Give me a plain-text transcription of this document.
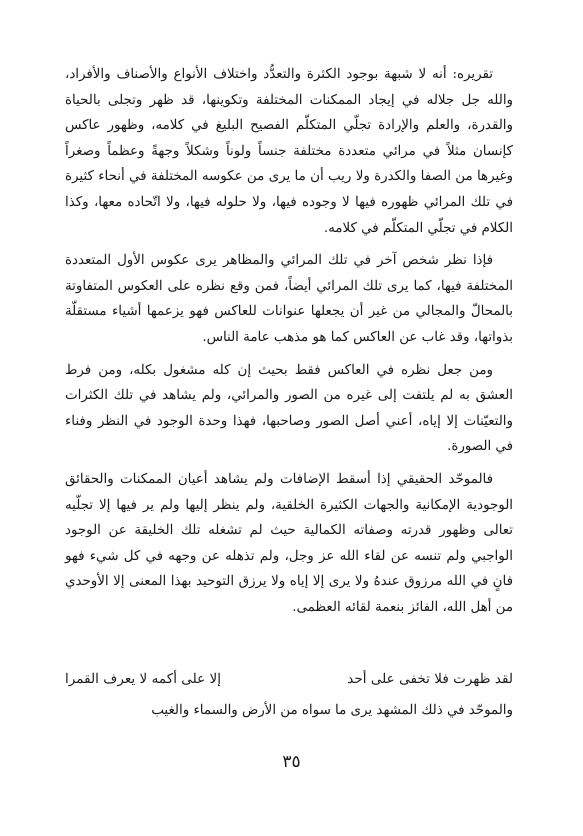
تقريره: أنه لا شبهة بوجود الكثرة والتعدُّد واختلاف الأنواع والأصناف والأفراد، والله جل جلاله في إيجاد الممكنات المختلفة وتكوينها، قد ظهر وتجلى بالحياة والقدرة، والعلم والإرادة تجلّي المتكلّم الفصيح البليغ في كلامه، وظهور عاكس كإنسان مثلاً في مرائي متعددة مختلفة جنساً ولوناً وشكلاً وجهةً وعظماً وصغراً وغيرها من الصفا والكدرة ولا ريب أن ما يرى من عكوسه المختلفة في أنحاء كثيرة في تلك المرائي ظهوره فيها لا وجوده فيها، ولا حلوله فيها، ولا اتّحاده معها، وكذا الكلام في تجلّي المتكلّم في كلامه.

فإذا نظر شخص آخر في تلك المرائي والمظاهر يرى عكوس الأول المتعددة المختلفة فيها، كما يرى تلك المرائي أيضاً، فمن وقع نظره على العكوس المتفاوتة بالمحالّ والمجالي من غير أن يجعلها عنوانات للعاكس فهو يزعمها أشياء مستقلّة بذواتها، وقد غاب عن العاكس كما هو مذهب عامة الناس.

ومن جعل نظره في العاكس فقط بحيث إن كله مشغول بكله، ومن فرط العشق به لم يلتفت إلى غيره من الصور والمرائي، ولم يشاهد في تلك الكثرات والتعيّنات إلا إياه، أعني أصل الصور وصاحبها، فهذا وحدة الوجود في النظر وفناء في الصورة.

فالموحّد الحقيقي إذا أسقط الإضافات ولم يشاهد أعيان الممكنات والحقائق الوجودية الإمكانية والجهات الكثيرة الخلقية، ولم ينظر إليها ولم ير فيها إلا تجلّيه تعالى وظهور قدرته وصفاته الكمالية حيث لم تشغله تلك الخليقة عن الوجود الواجبي ولم تنسه عن لقاء الله عز وجل، ولم تذهله عن وجهه في كل شيء فهو فانٍ في الله مرزوق عندهُ ولا يرى إلا إياه ولا يرزق التوحيد بهذا المعنى إلا الأوحدي من أهل الله، الفائز بنعمة لقائه العظمى.

لقد ظهرت فلا تخفى على أحد
إلا على أكمه لا يعرف القمرا
والموحّد في ذلك المشهد يرى ما سواه من الأرض والسماء والغيب
٣٥
